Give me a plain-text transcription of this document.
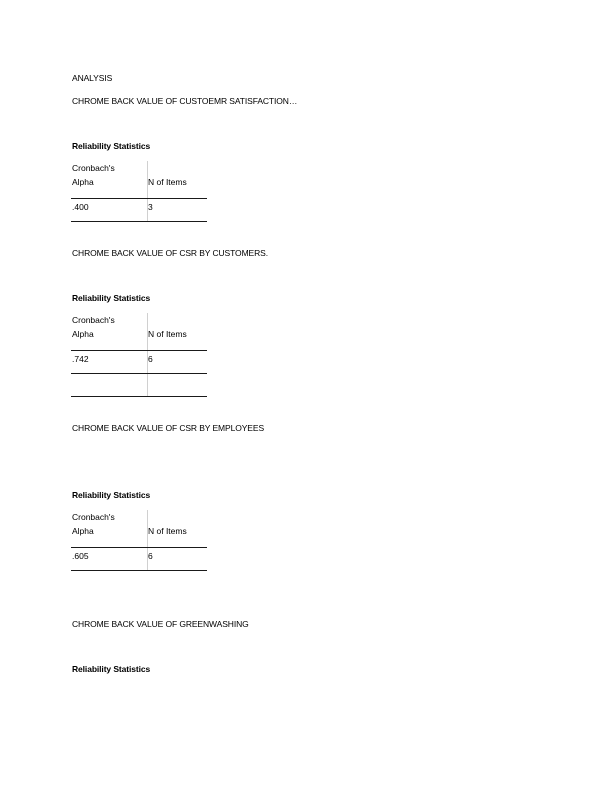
ANALYSIS
CHROME BACK VALUE OF CUSTOEMR SATISFACTION…
Reliability Statistics
Cronbach's
Alpha	N of Items
.400	3
CHROME BACK VALUE OF CSR BY CUSTOMERS.
Reliability Statistics
Cronbach's
Alpha	N of Items
.742	6
CHROME BACK VALUE OF CSR BY EMPLOYEES
Reliability Statistics
Cronbach's
Alpha	N of Items
.605	6
CHROME BACK VALUE OF GREENWASHING
Reliability Statistics
